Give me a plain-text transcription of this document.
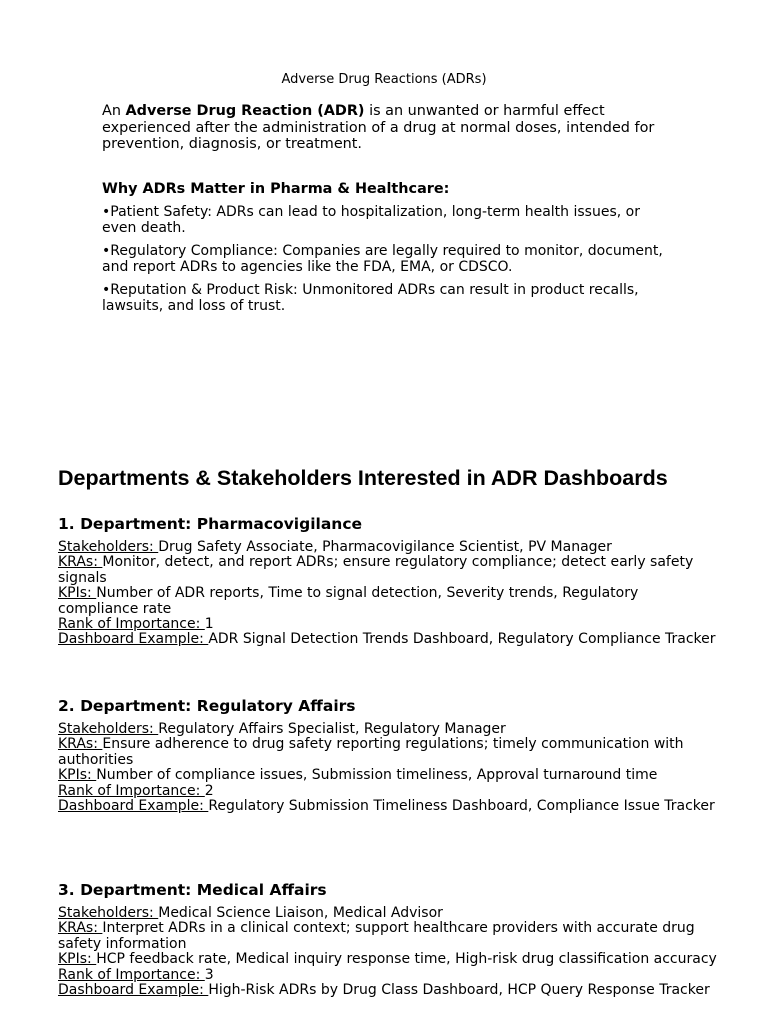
Adverse Drug Reactions (ADRs)

An Adverse Drug Reaction (ADR) is an unwanted or harmful effect experienced after the administration of a drug at normal doses, intended for prevention, diagnosis, or treatment.

Why ADRs Matter in Pharma & Healthcare:

•Patient Safety: ADRs can lead to hospitalization, long-term health issues, or even death.
•Regulatory Compliance: Companies are legally required to monitor, document, and report ADRs to agencies like the FDA, EMA, or CDSCO.
•Reputation & Product Risk: Unmonitored ADRs can result in product recalls, lawsuits, and loss of trust.
Departments & Stakeholders Interested in ADR Dashboards
1. Department: Pharmacovigilance
Stakeholders: Drug Safety Associate, Pharmacovigilance Scientist, PV Manager
KRAs: Monitor, detect, and report ADRs; ensure regulatory compliance; detect early safety signals
KPIs: Number of ADR reports, Time to signal detection, Severity trends, Regulatory compliance rate
Rank of Importance: 1
Dashboard Example: ADR Signal Detection Trends Dashboard, Regulatory Compliance Tracker
2. Department: Regulatory Affairs
Stakeholders: Regulatory Affairs Specialist, Regulatory Manager
KRAs: Ensure adherence to drug safety reporting regulations; timely communication with authorities
KPIs: Number of compliance issues, Submission timeliness, Approval turnaround time
Rank of Importance: 2
Dashboard Example: Regulatory Submission Timeliness Dashboard, Compliance Issue Tracker
3. Department: Medical Affairs
Stakeholders: Medical Science Liaison, Medical Advisor
KRAs: Interpret ADRs in a clinical context; support healthcare providers with accurate drug safety information
KPIs: HCP feedback rate, Medical inquiry response time, High-risk drug classification accuracy
Rank of Importance: 3
Dashboard Example: High-Risk ADRs by Drug Class Dashboard, HCP Query Response Tracker
